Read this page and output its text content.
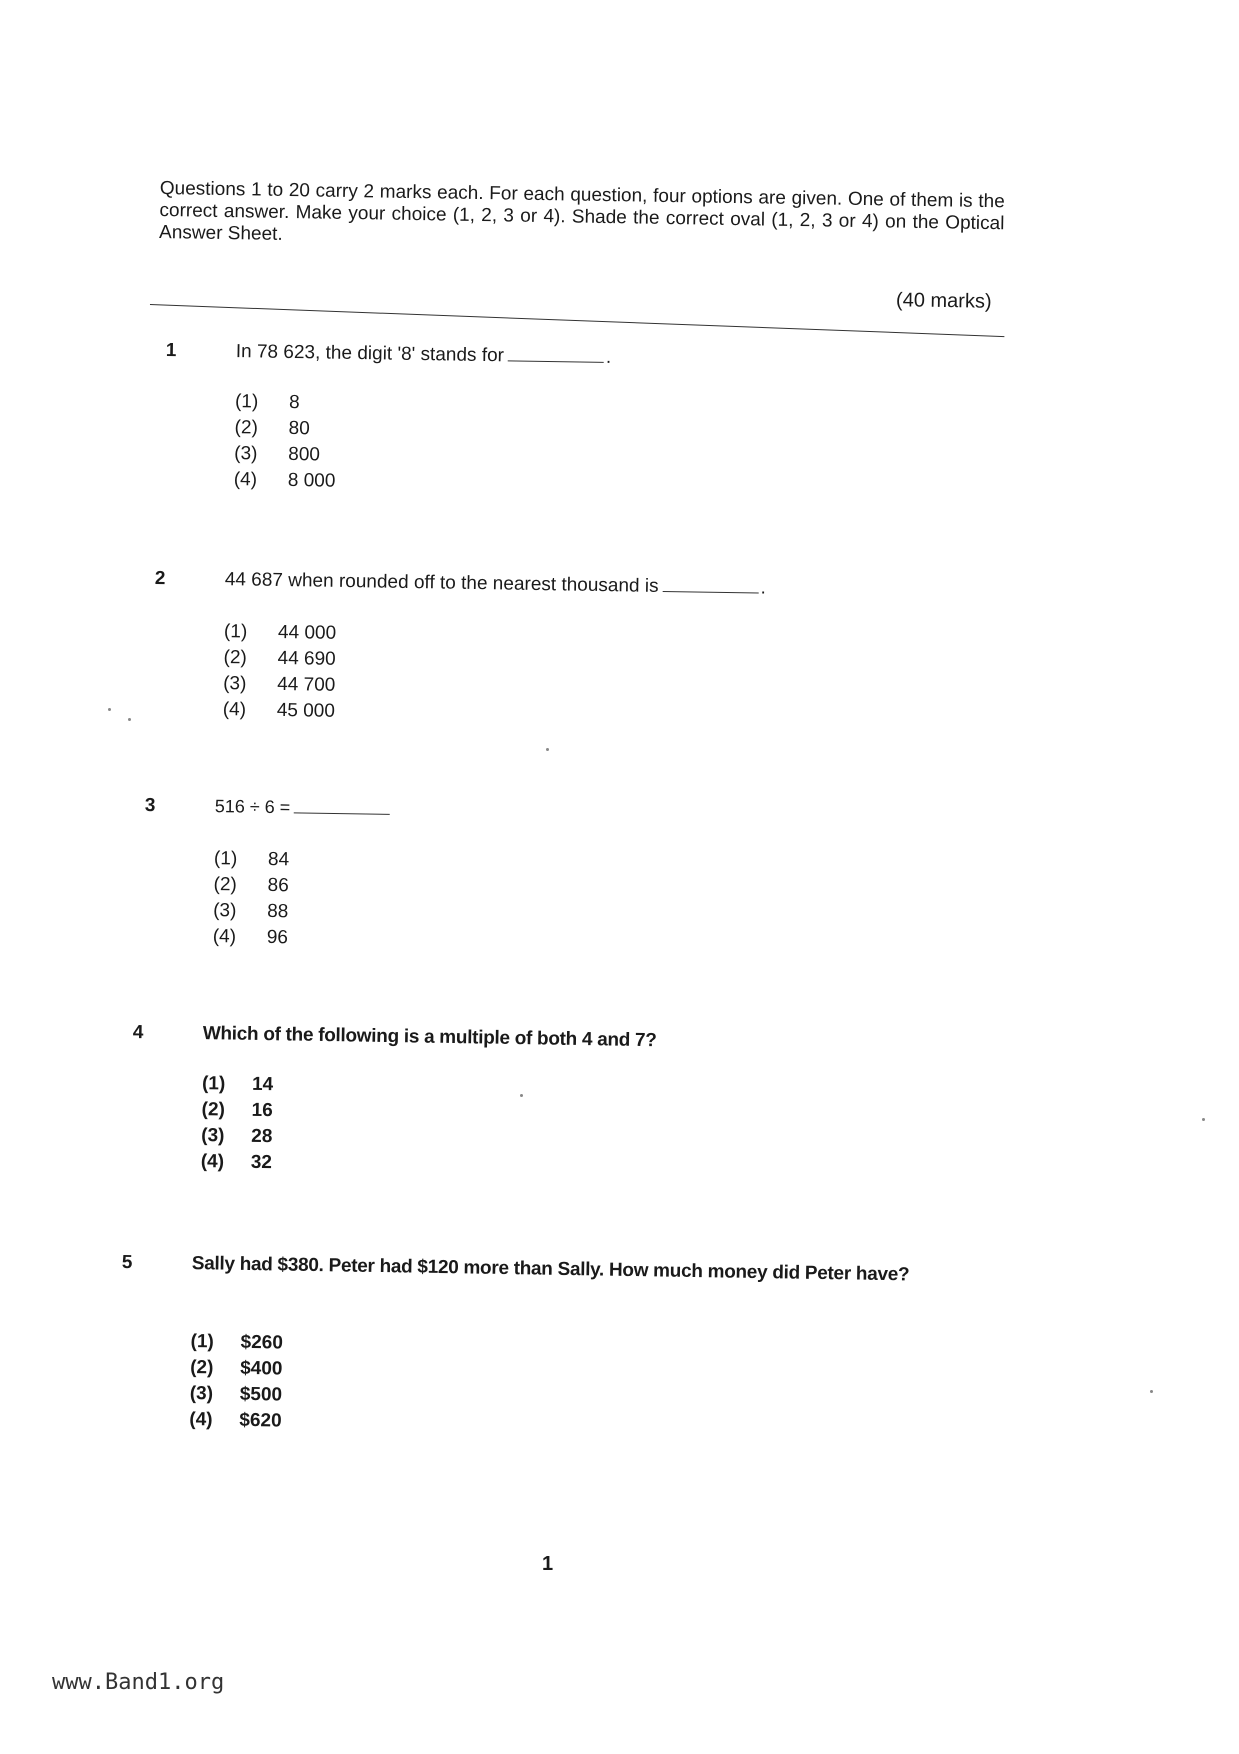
Questions 1 to 20 carry 2 marks each. For each question, four options are given. One of them is the correct answer. Make your choice (1, 2, 3 or 4). Shade the correct oval (1, 2, 3 or 4) on the Optical Answer Sheet.
(40 marks)
1	In 78 623, the digit '8' stands for	.
(1) 8
(2) 80
(3) 800
(4) 8 000
2	44 687 when rounded off to the nearest thousand is	.
(1) 44 000
(2) 44 690
(3) 44 700
(4) 45 000
3	516 ÷ 6 =
(1) 84
(2) 86
(3) 88
(4) 96
4	Which of the following is a multiple of both 4 and 7?
(1) 14
(2) 16
(3) 28
(4) 32
5	Sally had $380. Peter had $120 more than Sally. How much money did Peter have?
(1) $260
(2) $400
(3) $500
(4) $620
1
www.Band1.org
